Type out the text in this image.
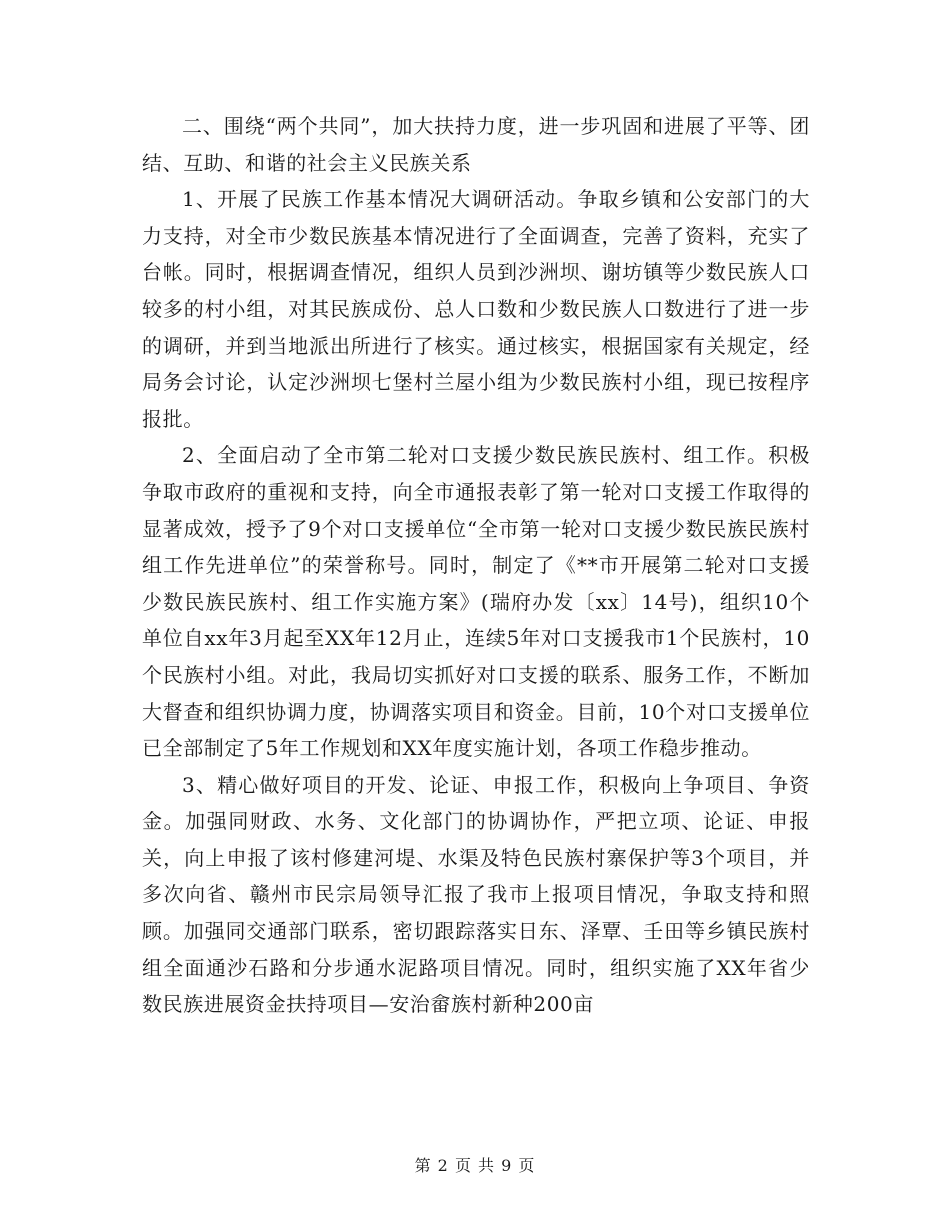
二、围绕“两个共同”，加大扶持力度，进一步巩固和进展了平等、团结、互助、和谐的社会主义民族关系

1、开展了民族工作基本情况大调研活动。争取乡镇和公安部门的大力支持，对全市少数民族基本情况进行了全面调查，完善了资料，充实了台帐。同时，根据调查情况，组织人员到沙洲坝、谢坊镇等少数民族人口较多的村小组，对其民族成份、总人口数和少数民族人口数进行了进一步的调研，并到当地派出所进行了核实。通过核实，根据国家有关规定，经局务会讨论，认定沙洲坝七堡村兰屋小组为少数民族村小组，现已按程序报批。

2、全面启动了全市第二轮对口支援少数民族民族村、组工作。积极争取市政府的重视和支持，向全市通报表彰了第一轮对口支援工作取得的显著成效，授予了9个对口支援单位“全市第一轮对口支援少数民族民族村组工作先进单位”的荣誉称号。同时，制定了《**市开展第二轮对口支援少数民族民族村、组工作实施方案》(瑞府办发〔xx〕14号)，组织10个单位自xx年3月起至XX年12月止，连续5年对口支援我市1个民族村，10个民族村小组。对此，我局切实抓好对口支援的联系、服务工作，不断加大督查和组织协调力度，协调落实项目和资金。目前，10个对口支援单位已全部制定了5年工作规划和XX年度实施计划，各项工作稳步推动。

3、精心做好项目的开发、论证、申报工作，积极向上争项目、争资金。加强同财政、水务、文化部门的协调协作，严把立项、论证、申报关，向上申报了该村修建河堤、水渠及特色民族村寨保护等3个项目，并多次向省、赣州市民宗局领导汇报了我市上报项目情况，争取支持和照顾。加强同交通部门联系，密切跟踪落实日东、泽覃、壬田等乡镇民族村组全面通沙石路和分步通水泥路项目情况。同时，组织实施了XX年省少数民族进展资金扶持项目—安治畲族村新种200亩

第 2 页 共 9 页
